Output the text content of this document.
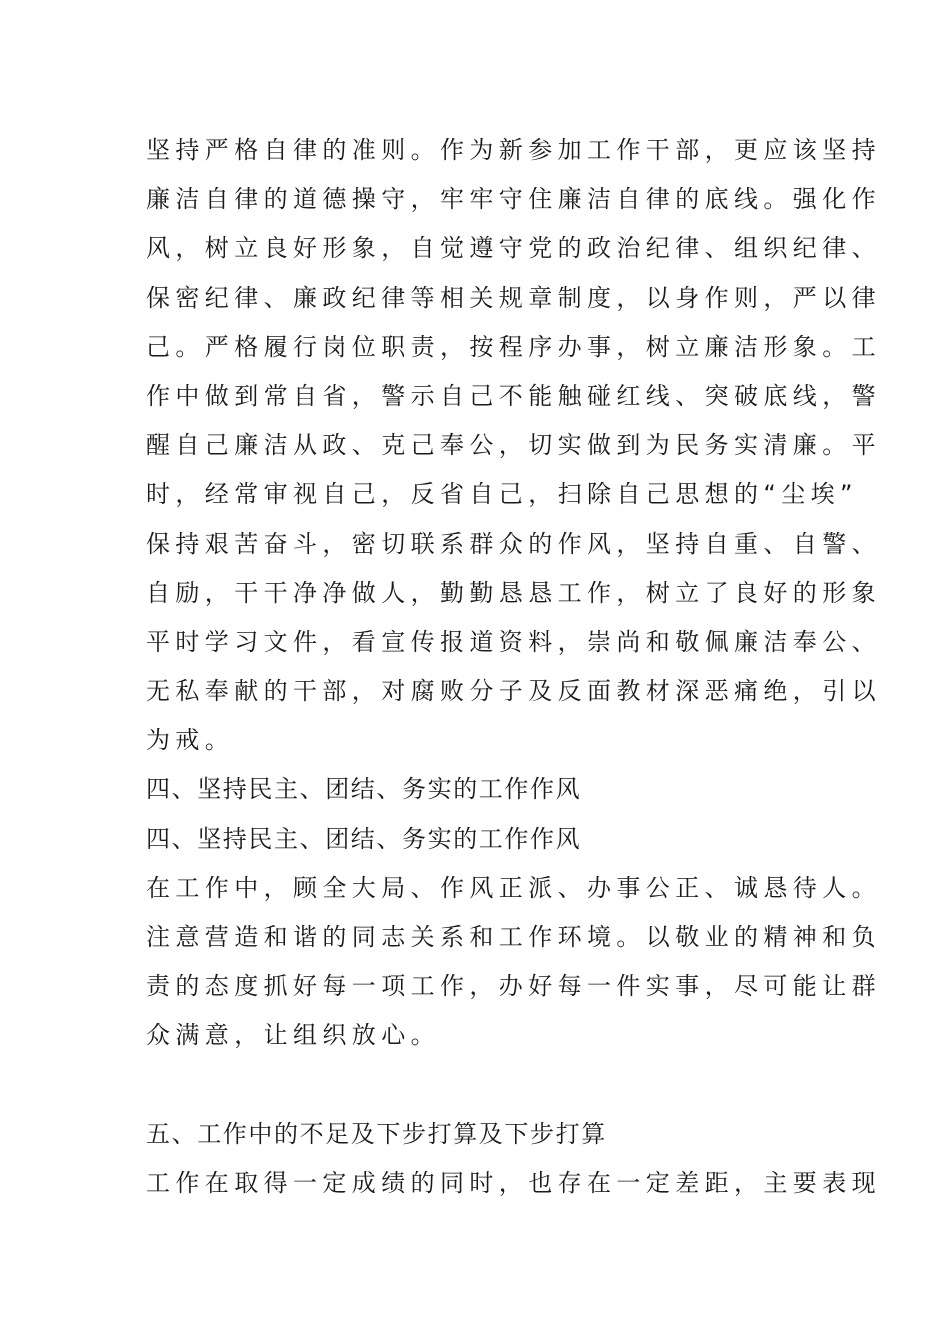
坚持严格自律的准则。作为新参加工作干部，更应该坚持
廉洁自律的道德操守，牢牢守住廉洁自律的底线。强化作
风，树立良好形象，自觉遵守党的政治纪律、组织纪律、
保密纪律、廉政纪律等相关规章制度，以身作则，严以律
己。严格履行岗位职责，按程序办事，树立廉洁形象。工
作中做到常自省，警示自己不能触碰红线、突破底线，警
醒自己廉洁从政、克己奉公，切实做到为民务实清廉。平
时，经常审视自己，反省自己，扫除自己思想的“尘埃”
保持艰苦奋斗，密切联系群众的作风，坚持自重、自警、
自励，干干净净做人，勤勤恳恳工作，树立了良好的形象
平时学习文件，看宣传报道资料，崇尚和敬佩廉洁奉公、
无私奉献的干部，对腐败分子及反面教材深恶痛绝，引以
为戒。
四、坚持民主、团结、务实的工作作风
四、坚持民主、团结、务实的工作作风
在工作中，顾全大局、作风正派、办事公正、诚恳待人。
注意营造和谐的同志关系和工作环境。以敬业的精神和负
责的态度抓好每一项工作，办好每一件实事，尽可能让群
众满意，让组织放心。
五、工作中的不足及下步打算及下步打算
工作在取得一定成绩的同时，也存在一定差距，主要表现
